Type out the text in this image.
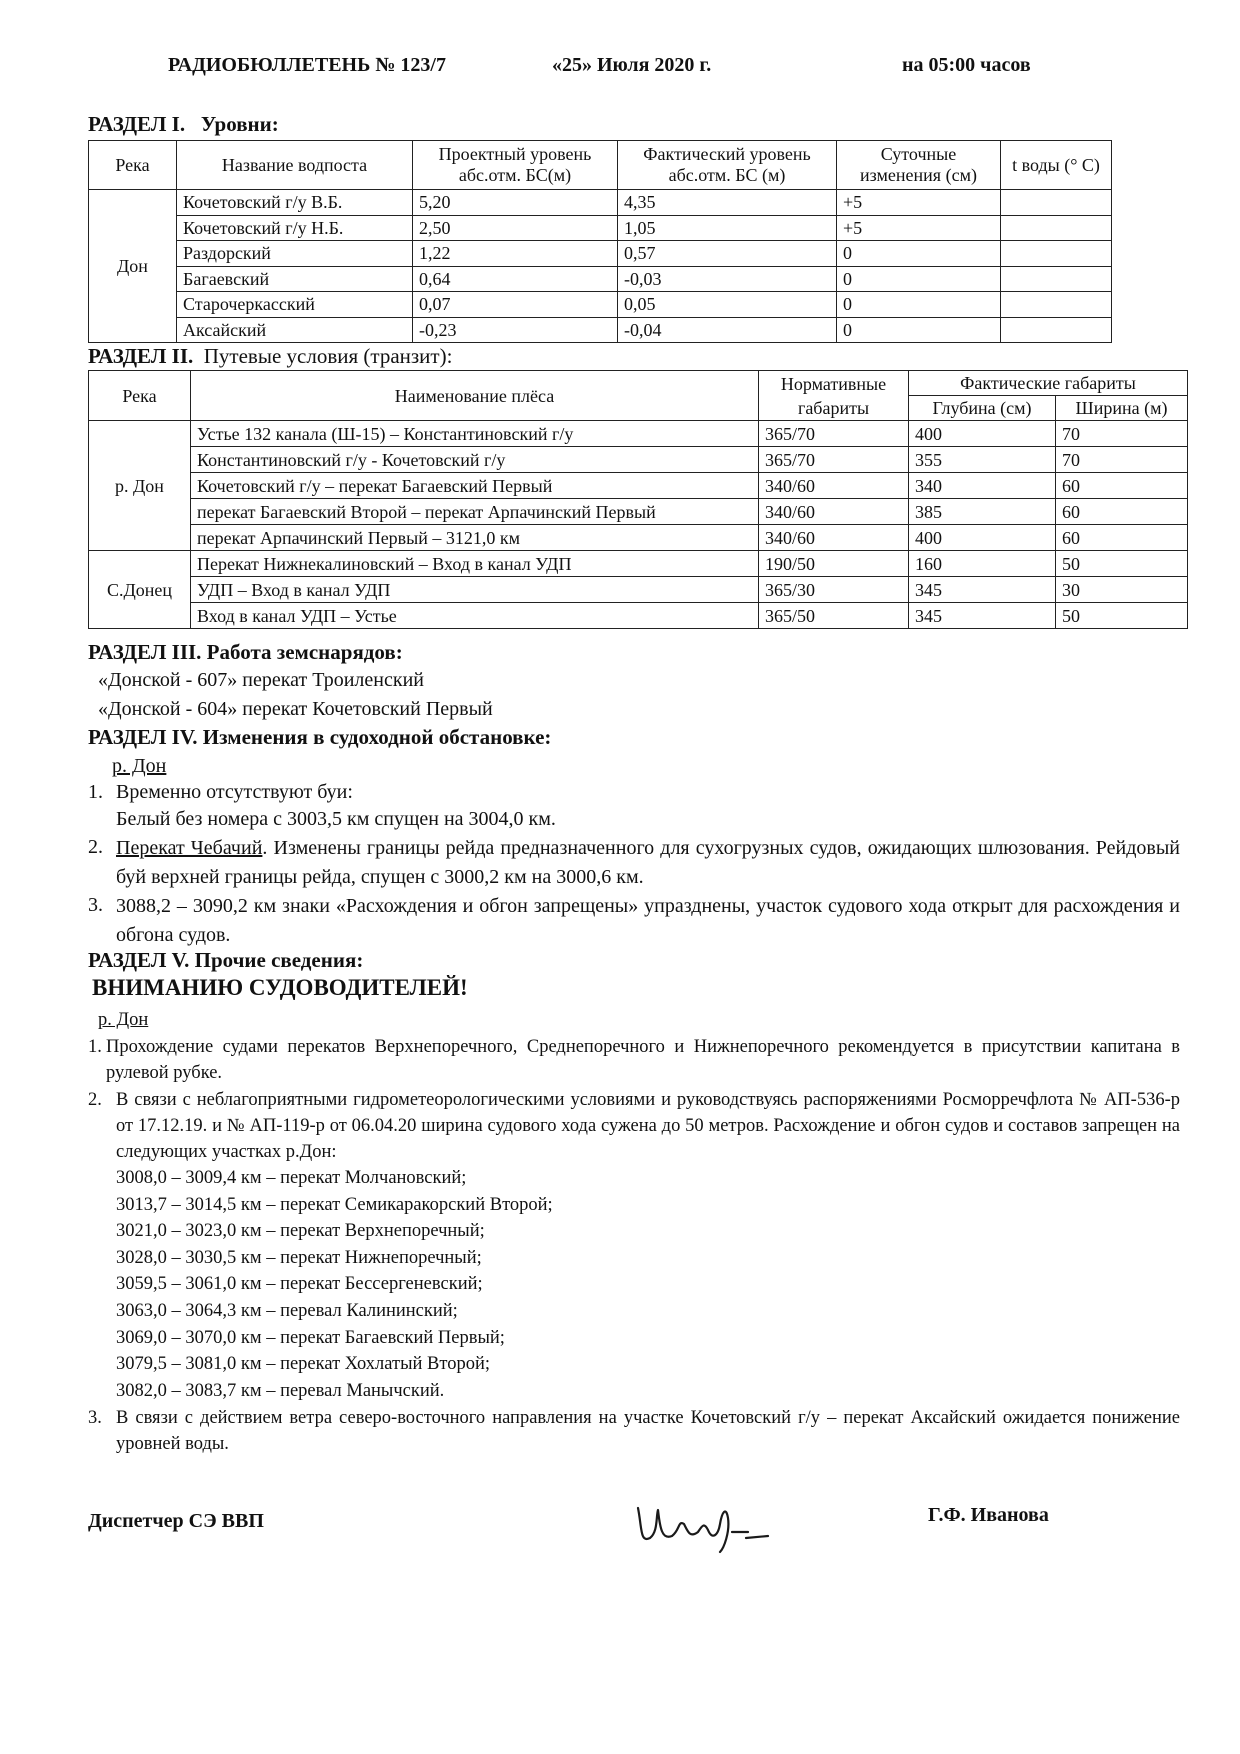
РАДИОБЮЛЛЕТЕНЬ № 123/7	«25» Июля 2020 г.	на 05:00 часов
РАЗДЕЛ I. Уровни:
Река	Название водпоста	Проектный уровень абс.отм. БС(м)	Фактический уровень абс.отм. БС (м)	Суточные изменения (см)	t воды (° С)
Дон	Кочетовский г/у В.Б.	5,20	4,35	+5	
	Кочетовский г/у Н.Б.	2,50	1,05	+5	
	Раздорский	1,22	0,57	0	
	Багаевский	0,64	-0,03	0	
	Старочеркасский	0,07	0,05	0	
	Аксайский	-0,23	-0,04	0	
РАЗДЕЛ II. Путевые условия (транзит):
Река	Наименование плёса	Нормативные габариты	Фактические габариты	
			Глубина (см)	Ширина (м)
р. Дон	Устье 132 канала (Ш-15) – Константиновский г/у	365/70	400	70
	Константиновский г/у - Кочетовский г/у	365/70	355	70
	Кочетовский г/у – перекат Багаевский Первый	340/60	340	60
	перекат Багаевский Второй – перекат Арпачинский Первый	340/60	385	60
	перекат Арпачинский Первый – 3121,0 км	340/60	400	60
С.Донец	Перекат Нижнекалиновский – Вход в канал УДП	190/50	160	50
	УДП – Вход в канал УДП	365/30	345	30
	Вход в канал УДП – Устье	365/50	345	50
РАЗДЕЛ III. Работа земснарядов:
«Донской - 607» перекат Троиленский
«Донской - 604» перекат Кочетовский Первый
РАЗДЕЛ IV. Изменения в судоходной обстановке:
р. Дон
1. Временно отсутствуют буи:
Белый без номера с 3003,5 км спущен на 3004,0 км.
2. Перекат Чебачий. Изменены границы рейда предназначенного для сухогрузных судов, ожидающих шлюзования. Рейдовый буй верхней границы рейда, спущен с 3000,2 км на 3000,6 км.
3. 3088,2 – 3090,2 км знаки «Расхождения и обгон запрещены» упразднены, участок судового хода открыт для расхождения и обгона судов.
РАЗДЕЛ V. Прочие сведения:
ВНИМАНИЮ СУДОВОДИТЕЛЕЙ!
р. Дон
1. Прохождение судами перекатов Верхнепоречного, Среднепоречного и Нижнепоречного рекомендуется в присутствии капитана в рулевой рубке.
2. В связи с неблагоприятными гидрометеорологическими условиями и руководствуясь распоряжениями Росморречфлота № АП-536-р от 17.12.19. и № АП-119-р от 06.04.20 ширина судового хода сужена до 50 метров. Расхождение и обгон судов и составов запрещен на следующих участках р.Дон:
3008,0 – 3009,4 км – перекат Молчановский;
3013,7 – 3014,5 км – перекат Семикаракорский Второй;
3021,0 – 3023,0 км – перекат Верхнепоречный;
3028,0 – 3030,5 км – перекат Нижнепоречный;
3059,5 – 3061,0 км – перекат Бессергеневский;
3063,0 – 3064,3 км – перевал Калининский;
3069,0 – 3070,0 км – перекат Багаевский Первый;
3079,5 – 3081,0 км – перекат Хохлатый Второй;
3082,0 – 3083,7 км – перевал Манычский.
3. В связи с действием ветра северо-восточного направления на участке Кочетовский г/у – перекат Аксайский ожидается понижение уровней воды.
Диспетчер СЭ ВВП	Г.Ф. Иванова
